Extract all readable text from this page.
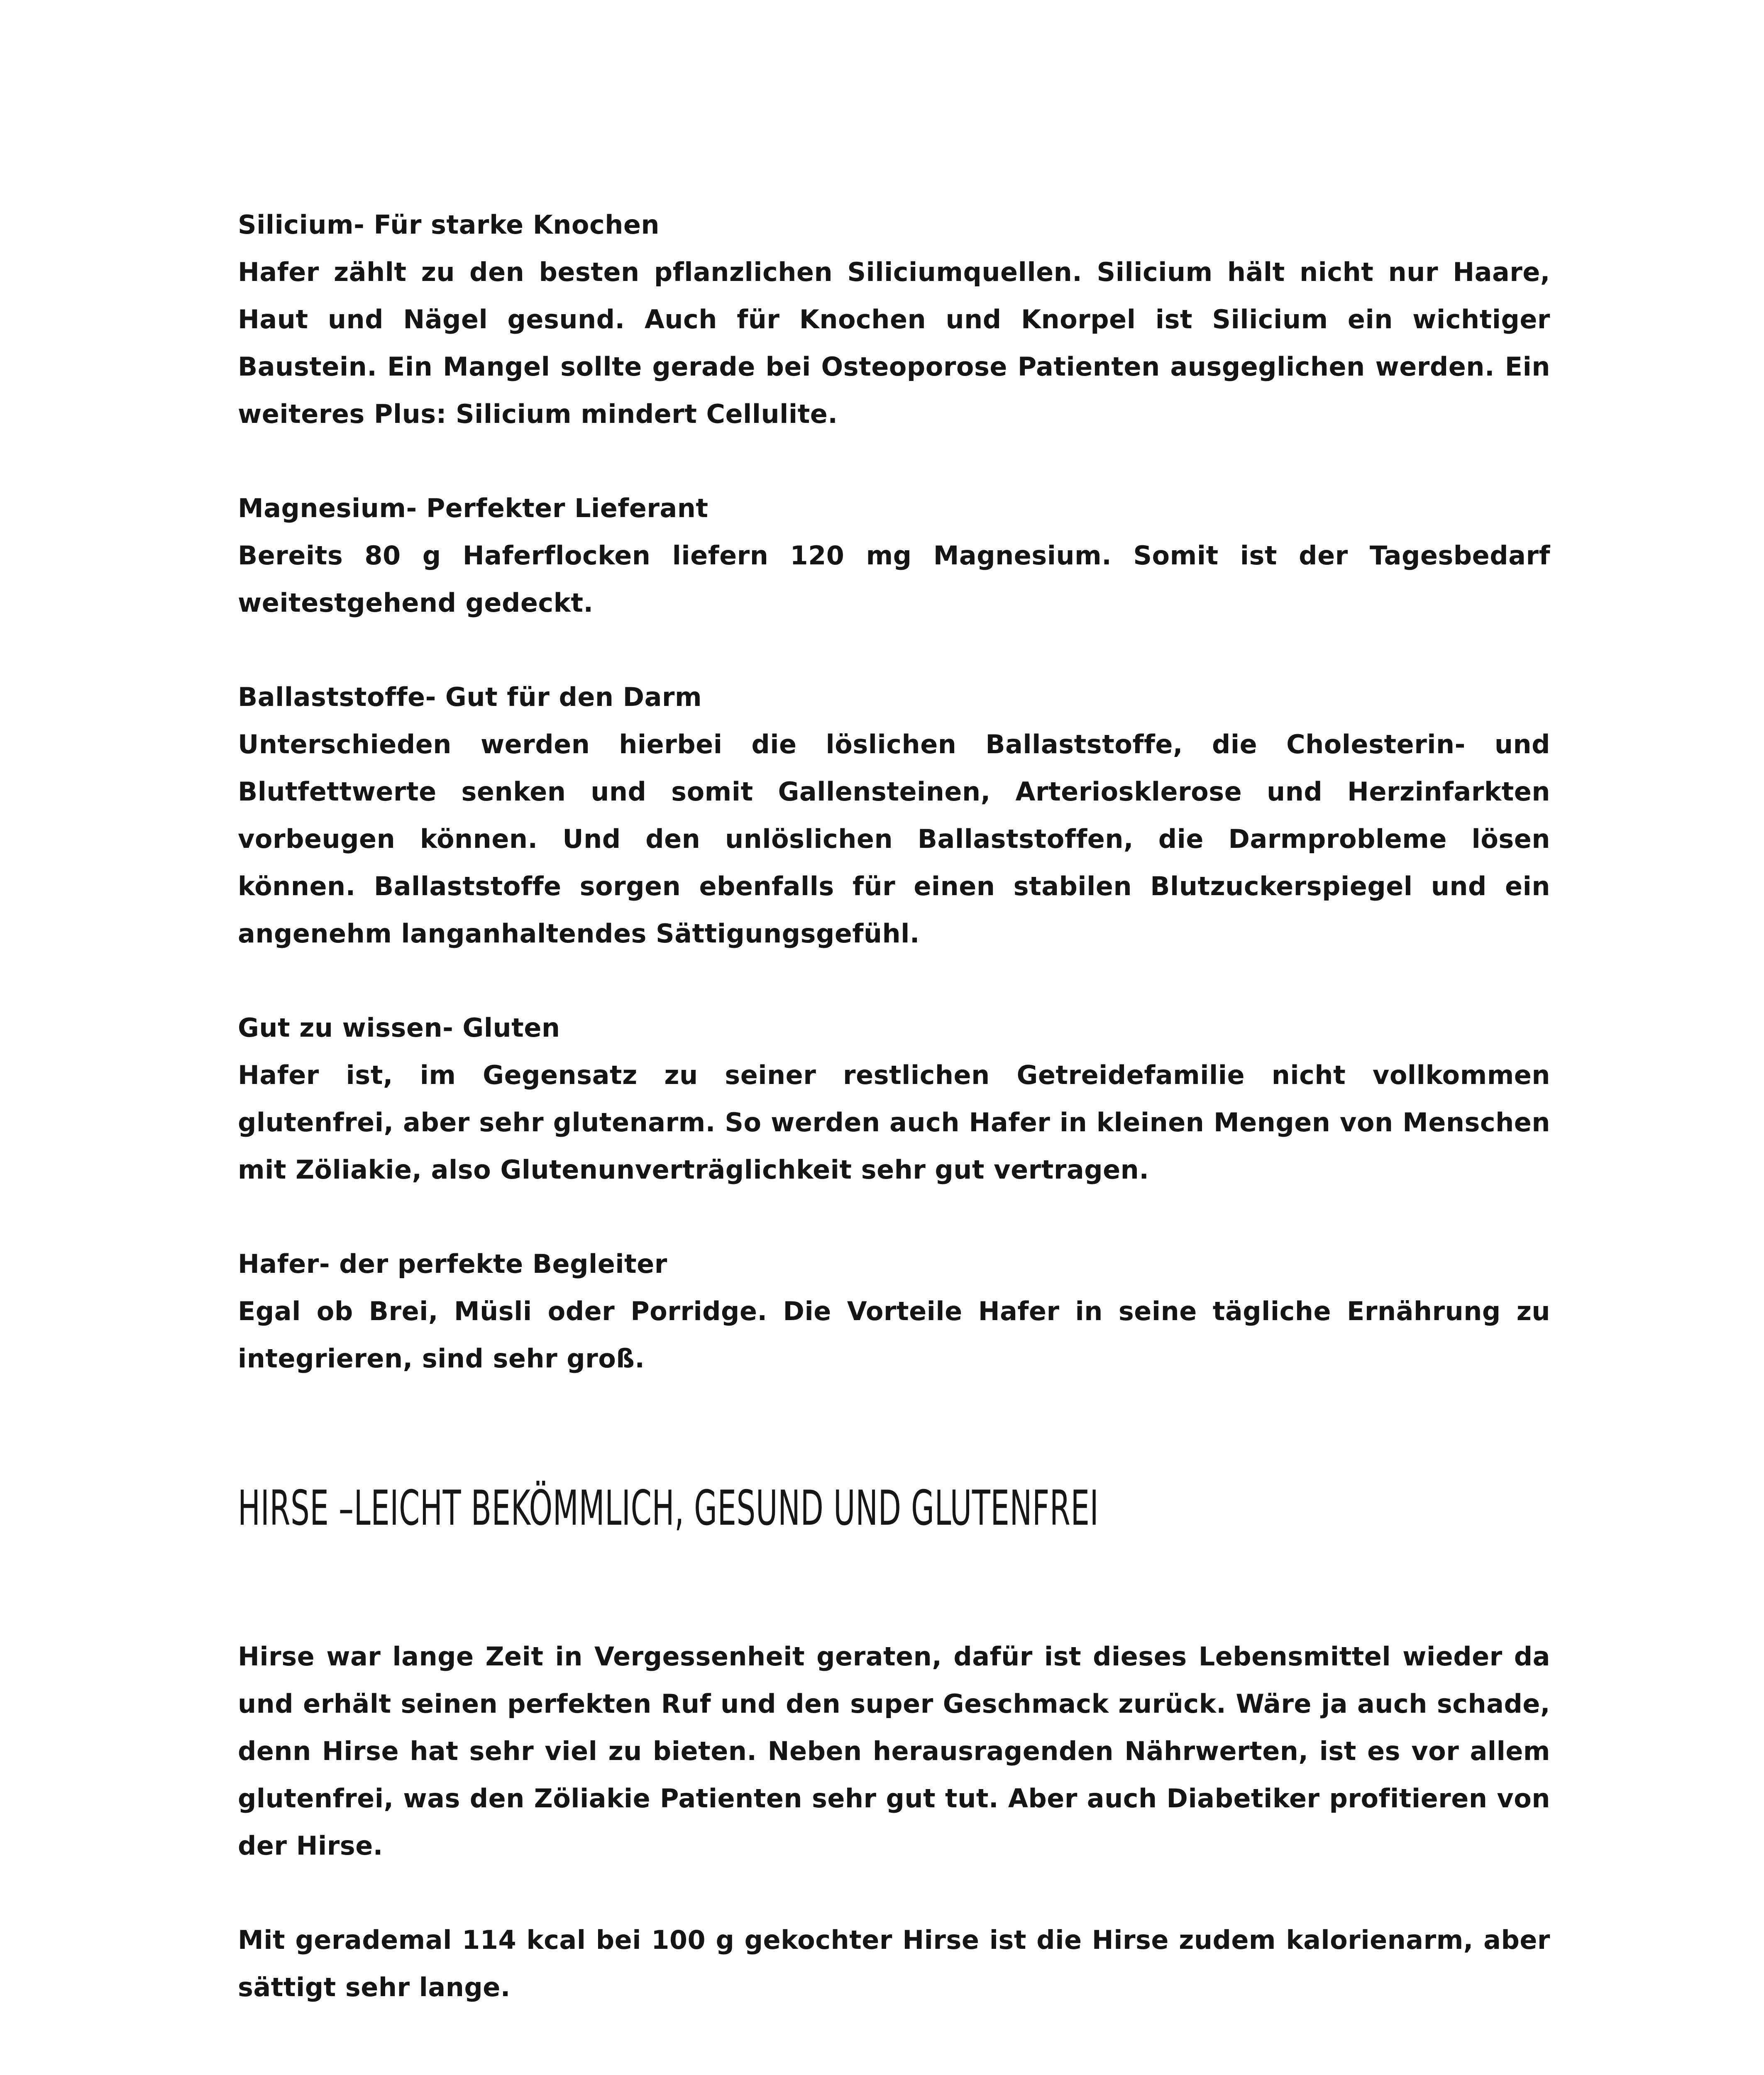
Silicium- Für starke Knochen

Hafer zählt zu den besten pflanzlichen Siliciumquellen. Silicium hält nicht nur Haare, Haut und Nägel gesund. Auch für Knochen und Knorpel ist Silicium ein wichtiger Baustein. Ein Mangel sollte gerade bei Osteoporose Patienten ausgeglichen werden. Ein weiteres Plus: Silicium mindert Cellulite.

Magnesium- Perfekter Lieferant

Bereits 80 g Haferflocken liefern 120 mg Magnesium. Somit ist der Tagesbedarf weitestgehend gedeckt.

Ballaststoffe- Gut für den Darm

Unterschieden werden hierbei die löslichen Ballaststoffe, die Cholesterin- und Blutfettwerte senken und somit Gallensteinen, Arteriosklerose und Herzinfarkten vorbeugen können. Und den unlöslichen Ballaststoffen, die Darmprobleme lösen können. Ballaststoffe sorgen ebenfalls für einen stabilen Blutzuckerspiegel und ein angenehm langanhaltendes Sättigungsgefühl.

Gut zu wissen- Gluten

Hafer ist, im Gegensatz zu seiner restlichen Getreidefamilie nicht vollkommen glutenfrei, aber sehr glutenarm. So werden auch Hafer in kleinen Mengen von Menschen mit Zöliakie, also Glutenunverträglichkeit sehr gut vertragen.

Hafer- der perfekte Begleiter

Egal ob Brei, Müsli oder Porridge. Die Vorteile Hafer in seine tägliche Ernährung zu integrieren, sind sehr groß.

HIRSE –LEICHT BEKÖMMLICH, GESUND UND GLUTENFREI

Hirse war lange Zeit in Vergessenheit geraten, dafür ist dieses Lebensmittel wieder da und erhält seinen perfekten Ruf und den super Geschmack zurück. Wäre ja auch schade, denn Hirse hat sehr viel zu bieten. Neben herausragenden Nährwerten, ist es vor allem glutenfrei, was den Zöliakie Patienten sehr gut tut. Aber auch Diabetiker profitieren von der Hirse.

Mit gerademal 114 kcal bei 100 g gekochter Hirse ist die Hirse zudem kalorienarm, aber sättigt sehr lange.
